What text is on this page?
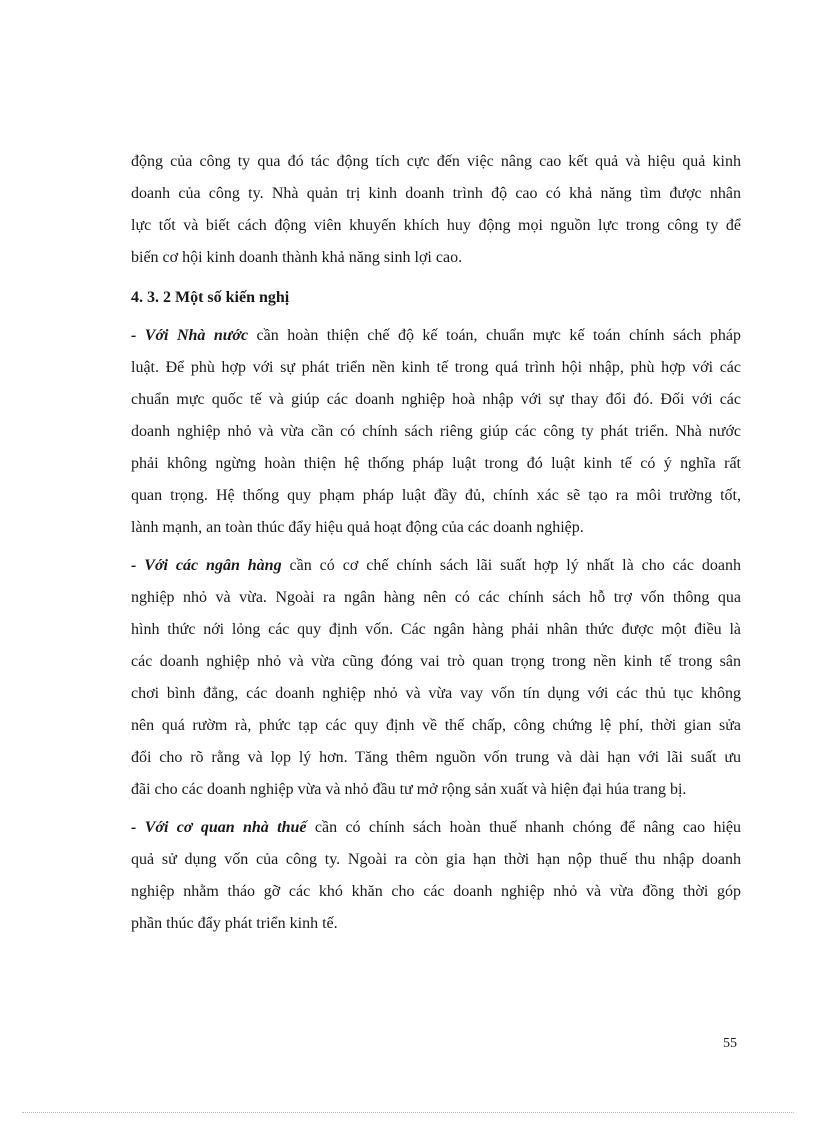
động của công ty qua đó tác động tích cực đến việc nâng cao kết quả và hiệu quả kinh
doanh của công ty. Nhà quản trị kinh doanh trình độ cao có khả năng tìm được nhân
lực tốt và biết cách động viên khuyến khích huy động mọi nguồn lực trong công ty để
biến cơ hội kinh doanh thành khả năng sinh lợi cao.
4. 3. 2 Một số kiến nghị
- Với Nhà nước cần hoàn thiện chế độ kế toán, chuẩn mực kế toán chính sách pháp
luật. Để phù hợp với sự phát triển nền kinh tế trong quá trình hội nhập, phù hợp với các
chuẩn mực quốc tế và giúp các doanh nghiệp hoà nhập với sự thay đổi đó. Đối với các
doanh nghiệp nhỏ và vừa cần có chính sách riêng giúp các công ty phát triển. Nhà nước
phải không ngừng hoàn thiện hệ thống pháp luật trong đó luật kinh tế có ý nghĩa rất
quan trọng. Hệ thống quy phạm pháp luật đầy đủ, chính xác sẽ tạo ra môi trường tốt,
lành mạnh, an toàn thúc đẩy hiệu quả hoạt động của các doanh nghiệp.
- Với các ngân hàng cần có cơ chế chính sách lãi suất hợp lý nhất là cho các doanh
nghiệp nhỏ và vừa. Ngoài ra ngân hàng nên có các chính sách hỗ trợ vốn thông qua
hình thức nới lỏng các quy định vốn. Các ngân hàng phải nhân thức được một điều là
các doanh nghiệp nhỏ và vừa cũng đóng vai trò quan trọng trong nền kinh tế trong sân
chơi bình đẳng, các doanh nghiệp nhỏ và vừa vay vốn tín dụng với các thủ tục không
nên quá rườm rà, phức tạp các quy định về thế chấp, công chứng lệ phí, thời gian sửa
đổi cho rõ rằng và lọp lý hơn. Tăng thêm nguồn vốn trung và dài hạn với lãi suất ưu
đãi cho các doanh nghiệp vừa và nhỏ đầu tư mở rộng sản xuất và hiện đại húa trang bị.
- Với cơ quan nhà thuế cần có chính sách hoàn thuế nhanh chóng để nâng cao hiệu
quả sử dụng vốn của công ty. Ngoài ra còn gia hạn thời hạn nộp thuế thu nhập doanh
nghiệp nhằm tháo gỡ các khó khăn cho các doanh nghiệp nhỏ và vừa đồng thời góp
phần thúc đẩy phát triển kinh tế.
55
